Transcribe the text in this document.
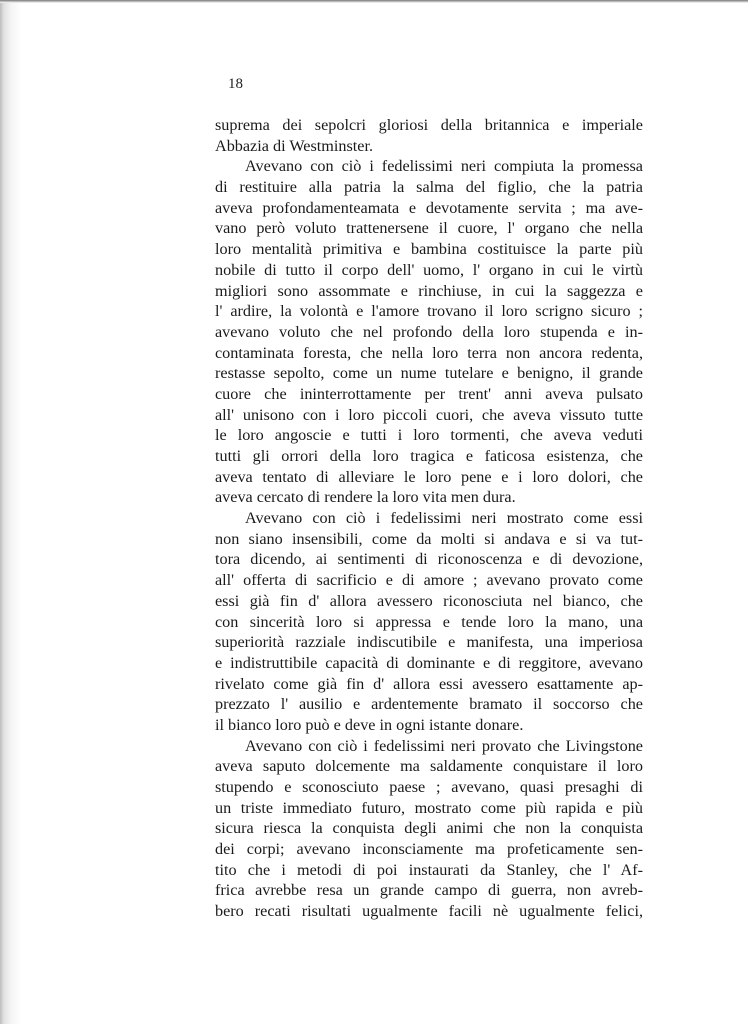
18
suprema dei sepolcri gloriosi della britannica e imperiale
Abbazia di Westminster.
Avevano con ciò i fedelissimi neri compiuta la promessa
di restituire alla patria la salma del figlio, che la patria
aveva profondamenteamata e devotamente servita ; ma ave-
vano però voluto trattenersene il cuore, l' organo che nella
loro mentalità primitiva e bambina costituisce la parte più
nobile di tutto il corpo dell' uomo, l' organo in cui le virtù
migliori sono assommate e rinchiuse, in cui la saggezza e
l' ardire, la volontà e l'amore trovano il loro scrigno sicuro ;
avevano voluto che nel profondo della loro stupenda e in-
contaminata foresta, che nella loro terra non ancora redenta,
restasse sepolto, come un nume tutelare e benigno, il grande
cuore che ininterrottamente per trent' anni aveva pulsato
all' unisono con i loro piccoli cuori, che aveva vissuto tutte
le loro angoscie e tutti i loro tormenti, che aveva veduti
tutti gli orrori della loro tragica e faticosa esistenza, che
aveva tentato di alleviare le loro pene e i loro dolori, che
aveva cercato di rendere la loro vita men dura.
Avevano con ciò i fedelissimi neri mostrato come essi
non siano insensibili, come da molti si andava e si va tut-
tora dicendo, ai sentimenti di riconoscenza e di devozione,
all' offerta di sacrificio e di amore ; avevano provato come
essi già fin d' allora avessero riconosciuta nel bianco, che
con sincerità loro si appressa e tende loro la mano, una
superiorità razziale indiscutibile e manifesta, una imperiosa
e indistruttibile capacità di dominante e di reggitore, avevano
rivelato come già fin d' allora essi avessero esattamente ap-
prezzato l' ausilio e ardentemente bramato il soccorso che
il bianco loro può e deve in ogni istante donare.
Avevano con ciò i fedelissimi neri provato che Livingstone
aveva saputo dolcemente ma saldamente conquistare il loro
stupendo e sconosciuto paese ; avevano, quasi presaghi di
un triste immediato futuro, mostrato come più rapida e più
sicura riesca la conquista degli animi che non la conquista
dei corpi; avevano inconsciamente ma profeticamente sen-
tito che i metodi di poi instaurati da Stanley, che l' Af-
frica avrebbe resa un grande campo di guerra, non avreb-
bero recati risultati ugualmente facili nè ugualmente felici,
